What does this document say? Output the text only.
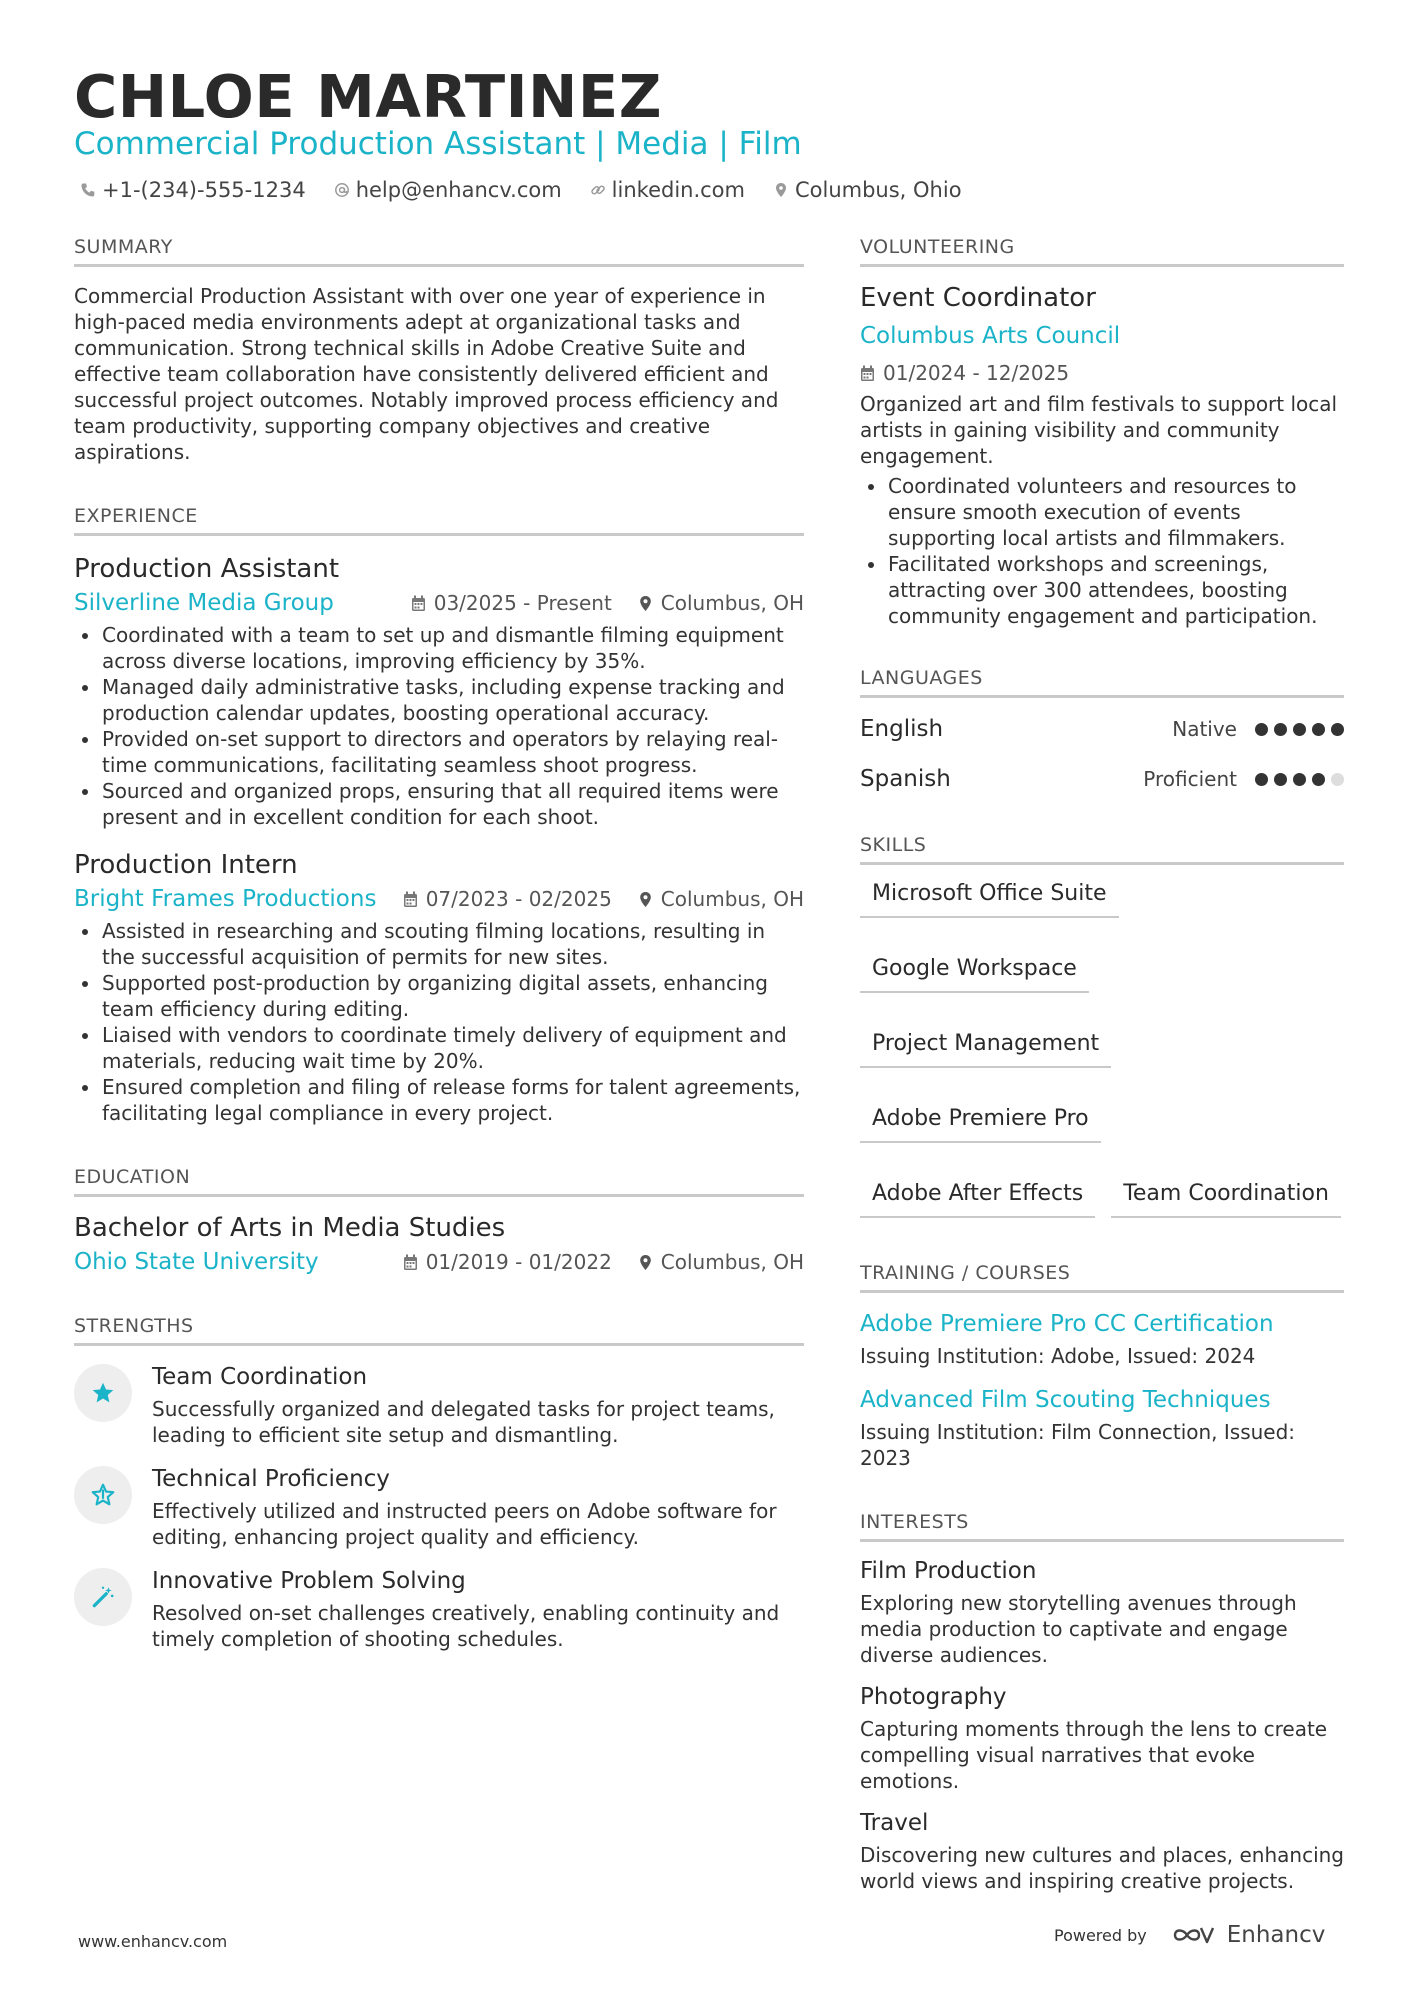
CHLOE MARTINEZ
Commercial Production Assistant | Media | Film
+1-(234)-555-1234 help@enhancv.com linkedin.com Columbus, Ohio
SUMMARY
Commercial Production Assistant with over one year of experience in high-paced media environments adept at organizational tasks and communication. Strong technical skills in Adobe Creative Suite and effective team collaboration have consistently delivered efficient and successful project outcomes. Notably improved process efficiency and team productivity, supporting company objectives and creative aspirations.
EXPERIENCE
Production Assistant
Silverline Media Group	03/2025 - Present Columbus, OH
Coordinated with a team to set up and dismantle filming equipment across diverse locations, improving efficiency by 35%.
Managed daily administrative tasks, including expense tracking and production calendar updates, boosting operational accuracy.
Provided on-set support to directors and operators by relaying real-time communications, facilitating seamless shoot progress.
Sourced and organized props, ensuring that all required items were present and in excellent condition for each shoot.
Production Intern
Bright Frames Productions 07/2023 - 02/2025 Columbus, OH
Assisted in researching and scouting filming locations, resulting in the successful acquisition of permits for new sites.
Supported post-production by organizing digital assets, enhancing team efficiency during editing.
Liaised with vendors to coordinate timely delivery of equipment and materials, reducing wait time by 20%.
Ensured completion and filing of release forms for talent agreements, facilitating legal compliance in every project.
EDUCATION
Bachelor of Arts in Media Studies
Ohio State University	01/2019 - 01/2022 Columbus, OH
STRENGTHS
Team Coordination
Successfully organized and delegated tasks for project teams, leading to efficient site setup and dismantling.
Technical Proficiency
Effectively utilized and instructed peers on Adobe software for editing, enhancing project quality and efficiency.
Innovative Problem Solving
Resolved on-set challenges creatively, enabling continuity and timely completion of shooting schedules.
VOLUNTEERING
Event Coordinator
Columbus Arts Council
01/2024 - 12/2025
Organized art and film festivals to support local artists in gaining visibility and community engagement.
Coordinated volunteers and resources to ensure smooth execution of events supporting local artists and filmmakers.
Facilitated workshops and screenings, attracting over 300 attendees, boosting community engagement and participation.
LANGUAGES
English	Native
Spanish	Proficient
SKILLS
Microsoft Office Suite
Google Workspace
Project Management
Adobe Premiere Pro
Adobe After Effects	Team Coordination
TRAINING / COURSES
Adobe Premiere Pro CC Certification
Issuing Institution: Adobe, Issued: 2024
Advanced Film Scouting Techniques
Issuing Institution: Film Connection, Issued: 2023
INTERESTS
Film Production
Exploring new storytelling avenues through media production to captivate and engage diverse audiences.
Photography
Capturing moments through the lens to create compelling visual narratives that evoke emotions.
Travel
Discovering new cultures and places, enhancing world views and inspiring creative projects.
www.enhancv.com	Powered by	Enhancv
